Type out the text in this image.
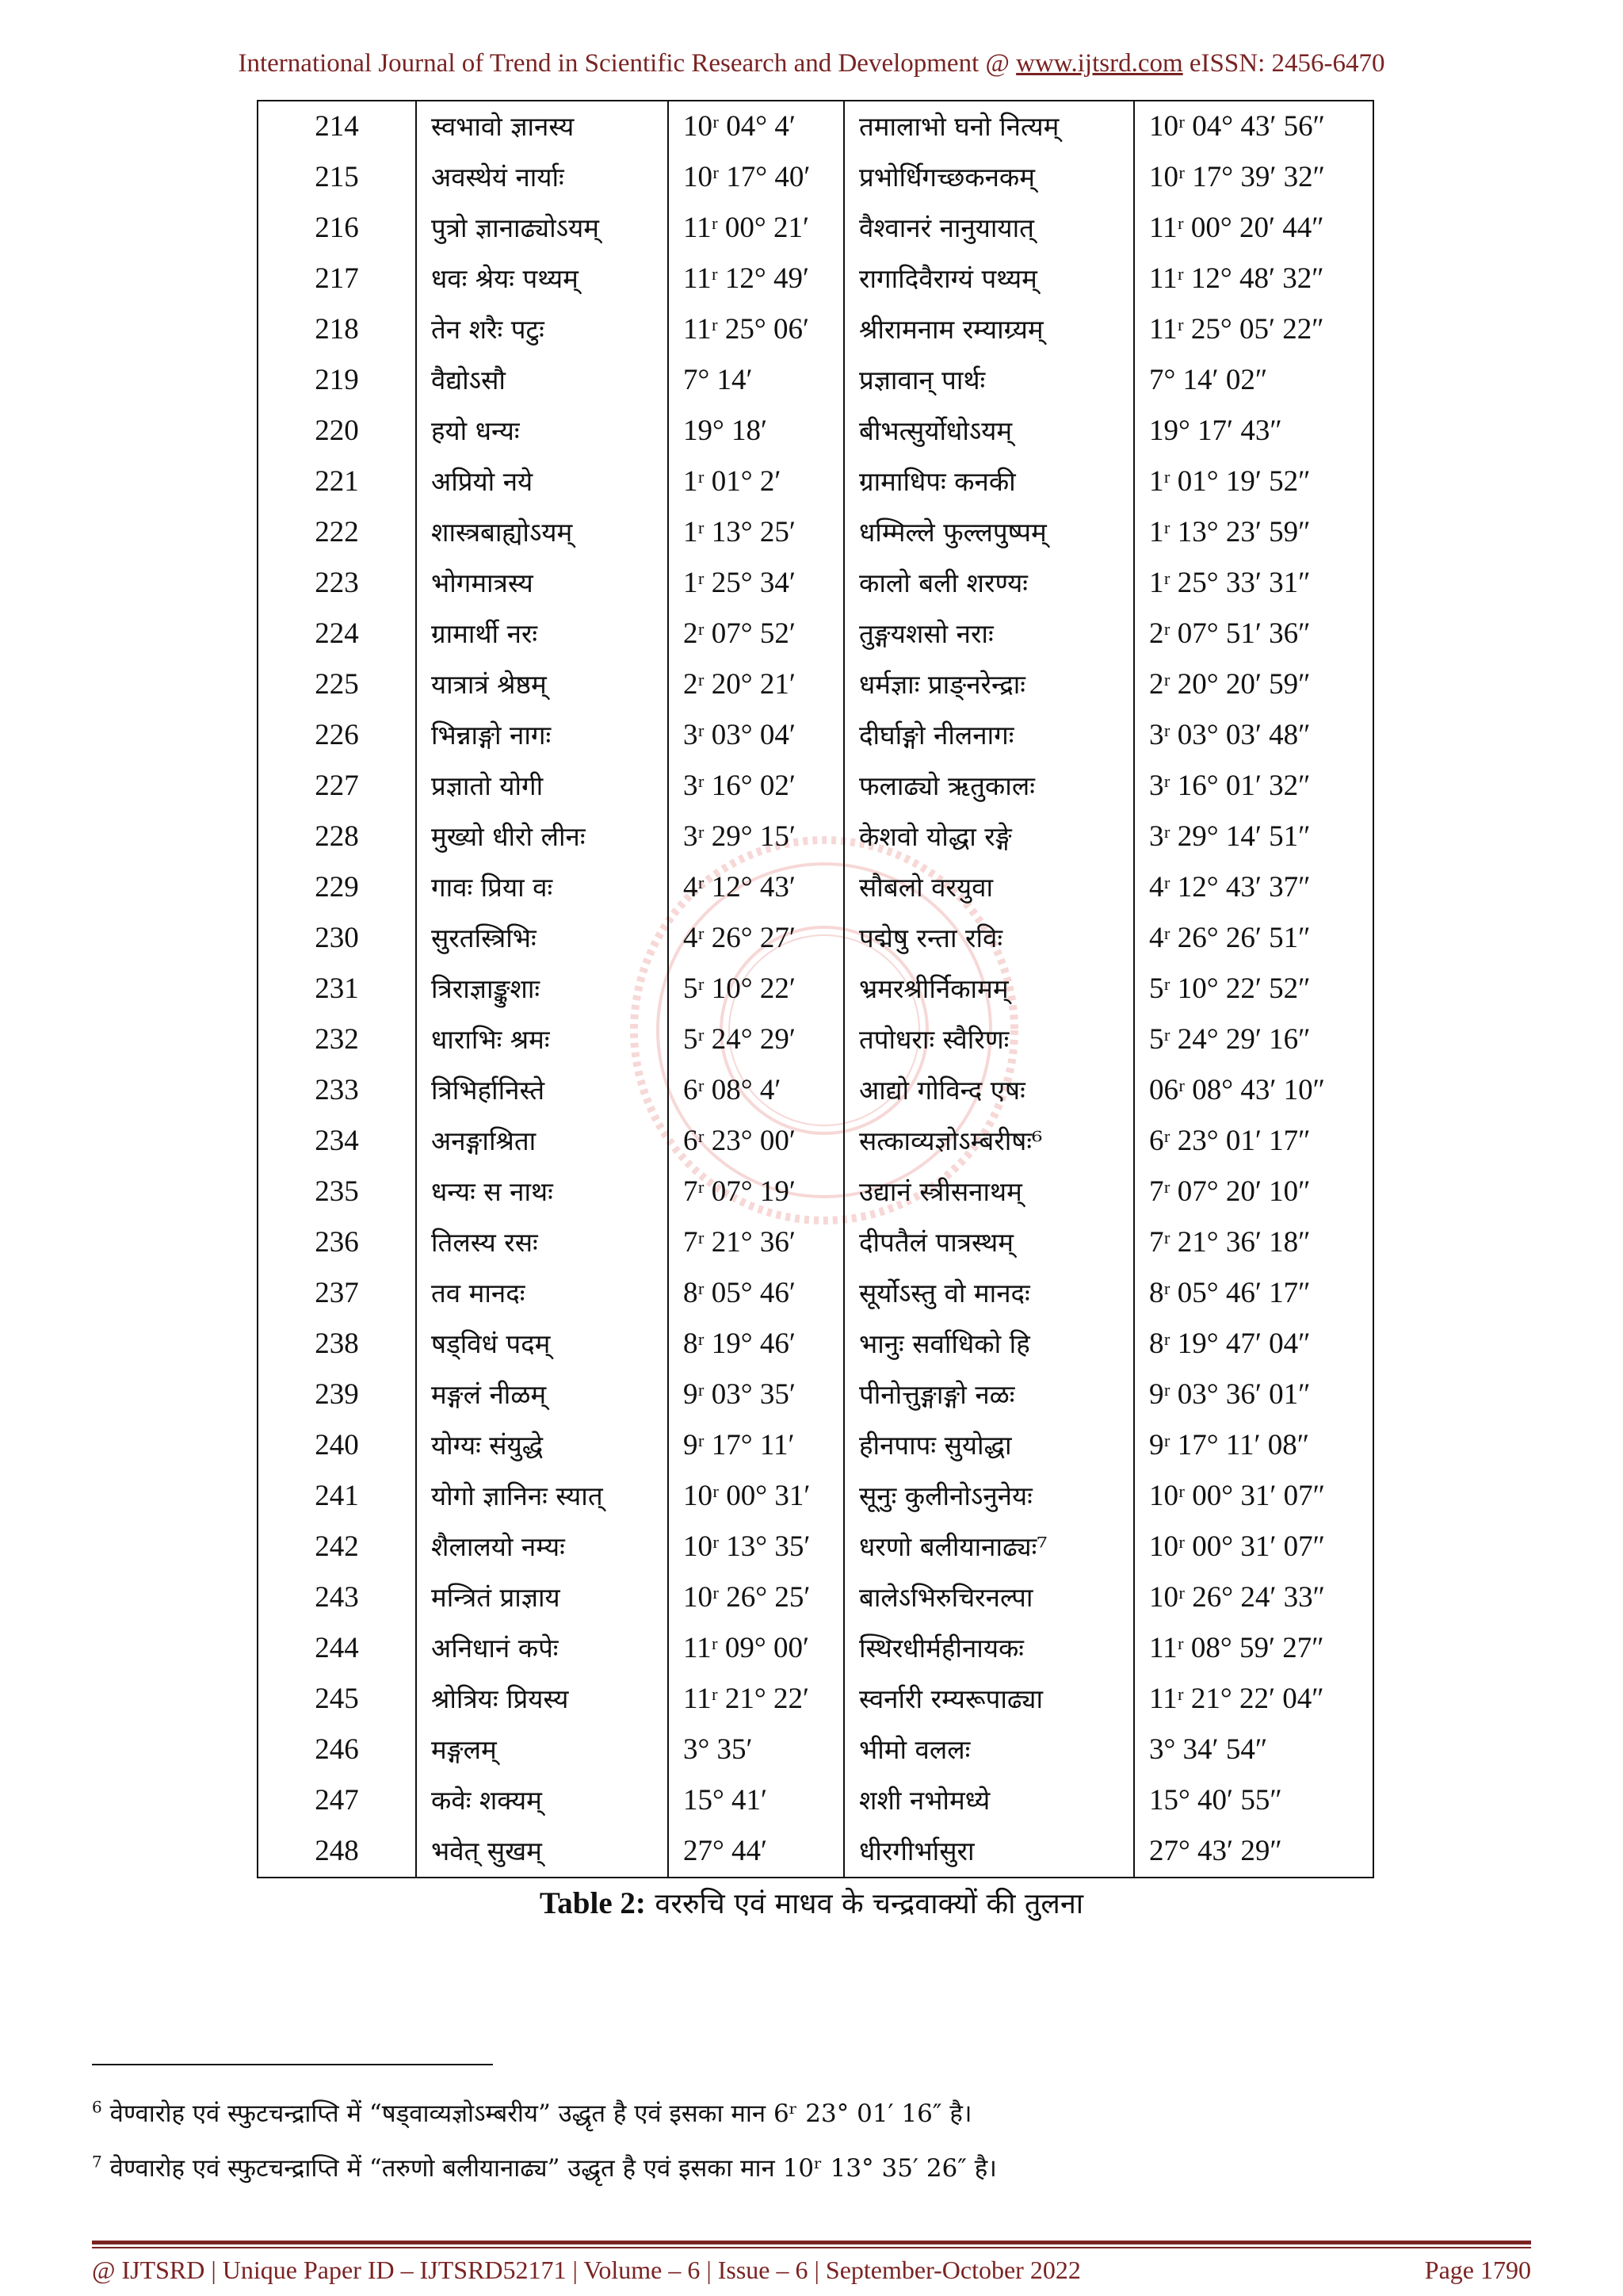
International Journal of Trend in Scientific Research and Development @ www.ijtsrd.com eISSN: 2456-6470
214	स्वभावो ज्ञानस्य	10ʳ 04° 4′	तमालाभो घनो नित्यम्	10ʳ 04° 43′ 56″
215	अवस्थेयं नार्याः	10ʳ 17° 40′	प्रभोर्धिगच्छकनकम्	10ʳ 17° 39′ 32″
216	पुत्रो ज्ञानाढ्योऽयम्	11ʳ 00° 21′	वैश्वानरं नानुयायात्	11ʳ 00° 20′ 44″
217	धवः श्रेयः पथ्यम्	11ʳ 12° 49′	रागादिवैराग्यं पथ्यम्	11ʳ 12° 48′ 32″
218	तेन शरैः पटुः	11ʳ 25° 06′	श्रीरामनाम रम्याग्र्यम्	11ʳ 25° 05′ 22″
219	वैद्योऽसौ	7° 14′	प्रज्ञावान् पार्थः	7° 14′ 02″
220	हयो धन्यः	19° 18′	बीभत्सुर्योधोऽयम्	19° 17′ 43″
221	अप्रियो नये	1ʳ 01° 2′	ग्रामाधिपः कनकी	1ʳ 01° 19′ 52″
222	शास्त्रबाह्योऽयम्	1ʳ 13° 25′	धम्मिल्ले फुल्लपुष्पम्	1ʳ 13° 23′ 59″
223	भोगमात्रस्य	1ʳ 25° 34′	कालो बली शरण्यः	1ʳ 25° 33′ 31″
224	ग्रामार्थी नरः	2ʳ 07° 52′	तुङ्गयशसो नराः	2ʳ 07° 51′ 36″
225	यात्रात्रं श्रेष्ठम्	2ʳ 20° 21′	धर्मज्ञाः प्राङ्नरेन्द्राः	2ʳ 20° 20′ 59″
226	भिन्नाङ्गो नागः	3ʳ 03° 04′	दीर्घाङ्गो नीलनागः	3ʳ 03° 03′ 48″
227	प्रज्ञातो योगी	3ʳ 16° 02′	फलाढ्यो ऋतुकालः	3ʳ 16° 01′ 32″
228	मुख्यो धीरो लीनः	3ʳ 29° 15′	केशवो योद्धा रङ्गे	3ʳ 29° 14′ 51″
229	गावः प्रिया वः	4ʳ 12° 43′	सौबलो वरयुवा	4ʳ 12° 43′ 37″
230	सुरतस्त्रिभिः	4ʳ 26° 27′	पद्मेषु रन्ता रविः	4ʳ 26° 26′ 51″
231	त्रिराज्ञाङ्कुशाः	5ʳ 10° 22′	भ्रमरश्रीर्निकामम्	5ʳ 10° 22′ 52″
232	धाराभिः श्रमः	5ʳ 24° 29′	तपोधराः स्वैरिणः	5ʳ 24° 29′ 16″
233	त्रिभिर्हानिस्ते	6ʳ 08° 4′	आद्यो गोविन्द एषः	06ʳ 08° 43′ 10″
234	अनङ्गाश्रिता	6ʳ 23° 00′	सत्काव्यज्ञोऽम्बरीषः⁶	6ʳ 23° 01′ 17″
235	धन्यः स नाथः	7ʳ 07° 19′	उद्यानं स्त्रीसनाथम्	7ʳ 07° 20′ 10″
236	तिलस्य रसः	7ʳ 21° 36′	दीपतैलं पात्रस्थम्	7ʳ 21° 36′ 18″
237	तव मानदः	8ʳ 05° 46′	सूर्योऽस्तु वो मानदः	8ʳ 05° 46′ 17″
238	षड्विधं पदम्	8ʳ 19° 46′	भानुः सर्वाधिको हि	8ʳ 19° 47′ 04″
239	मङ्गलं नीळम्	9ʳ 03° 35′	पीनोत्तुङ्गाङ्गो नळः	9ʳ 03° 36′ 01″
240	योग्यः संयुद्धे	9ʳ 17° 11′	हीनपापः सुयोद्धा	9ʳ 17° 11′ 08″
241	योगो ज्ञानिनः स्यात्	10ʳ 00° 31′	सूनुः कुलीनोऽनुनेयः	10ʳ 00° 31′ 07″
242	शैलालयो नम्यः	10ʳ 13° 35′	धरणो बलीयानाढ्यः⁷	10ʳ 00° 31′ 07″
243	मन्त्रितं प्राज्ञाय	10ʳ 26° 25′	बालेऽभिरुचिरनल्पा	10ʳ 26° 24′ 33″
244	अनिधानं कपेः	11ʳ 09° 00′	स्थिरधीर्महीनायकः	11ʳ 08° 59′ 27″
245	श्रोत्रियः प्रियस्य	11ʳ 21° 22′	स्वर्नारी रम्यरूपाढ्या	11ʳ 21° 22′ 04″
246	मङ्गलम्	3° 35′	भीमो वललः	3° 34′ 54″
247	कवेः शक्यम्	15° 41′	शशी नभोमध्ये	15° 40′ 55″
248	भवेत् सुखम्	27° 44′	धीरगीर्भासुरा	27° 43′ 29″
Table 2: वररुचि एवं माधव के चन्द्रवाक्यों की तुलना
$^6$ वेण्वारोह एवं स्फुटचन्द्राप्ति में “षड्वाव्यज्ञोऽम्बरीय” उद्धृत है एवं इसका मान 6ʳ 23° 01′ 16″ है।
$^7$ वेण्वारोह एवं स्फुटचन्द्राप्ति में “तरुणो बलीयानाढ्य” उद्धृत है एवं इसका मान 10ʳ 13° 35′ 26″ है।
@ IJTSRD | Unique Paper ID – IJTSRD52171 | Volume – 6 | Issue – 6 | September-October 2022	Page 1790
